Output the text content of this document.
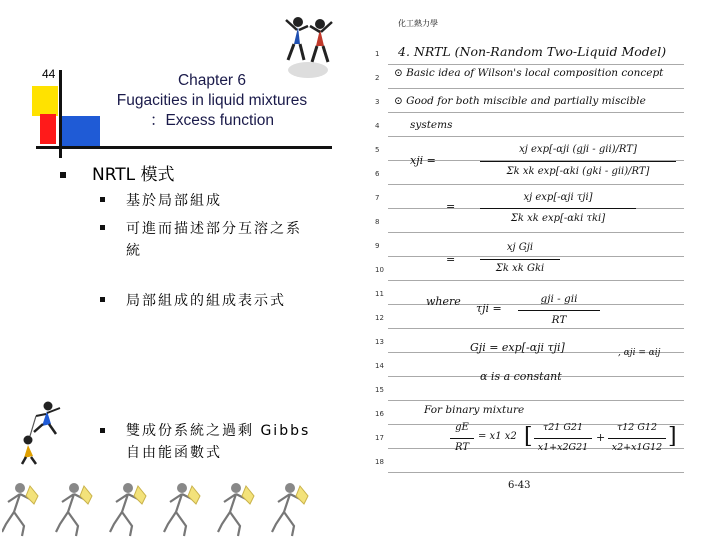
44	Chapter 6
Fugacities in liquid mixtures
：Excess function
NRTL 模式
基於局部組成
可進而描述部分互溶之系
統
局部組成的組成表示式
雙成份系統之過剩 Gibbs
自由能函數式
化工熱力學
1
2
3
4
5
6
7
8
9
10
11
12
13
14
15
16
17
18
4. NRTL (Non-Random Two-Liquid Model)
⊙ Basic idea of Wilson's local composition concept
⊙ Good for both miscible and partially miscible
systems
xji =
xj exp[-αji (gji - gii)/RT]
Σk xk exp[-αki (gki - gii)/RT]
=
xj exp[-αji τji]
Σk xk exp[-αki τki]
=
xj Gji
Σk xk Gki
where
τji =
gji - gii
RT
Gji = exp[-αji τji]	, αji = αij
α is a constant
For binary mixture
gE
RT
= x1 x2 [	τ21 G21
x1+x2G21
+
τ12 G12
x2+x1G12 ]
6-43
